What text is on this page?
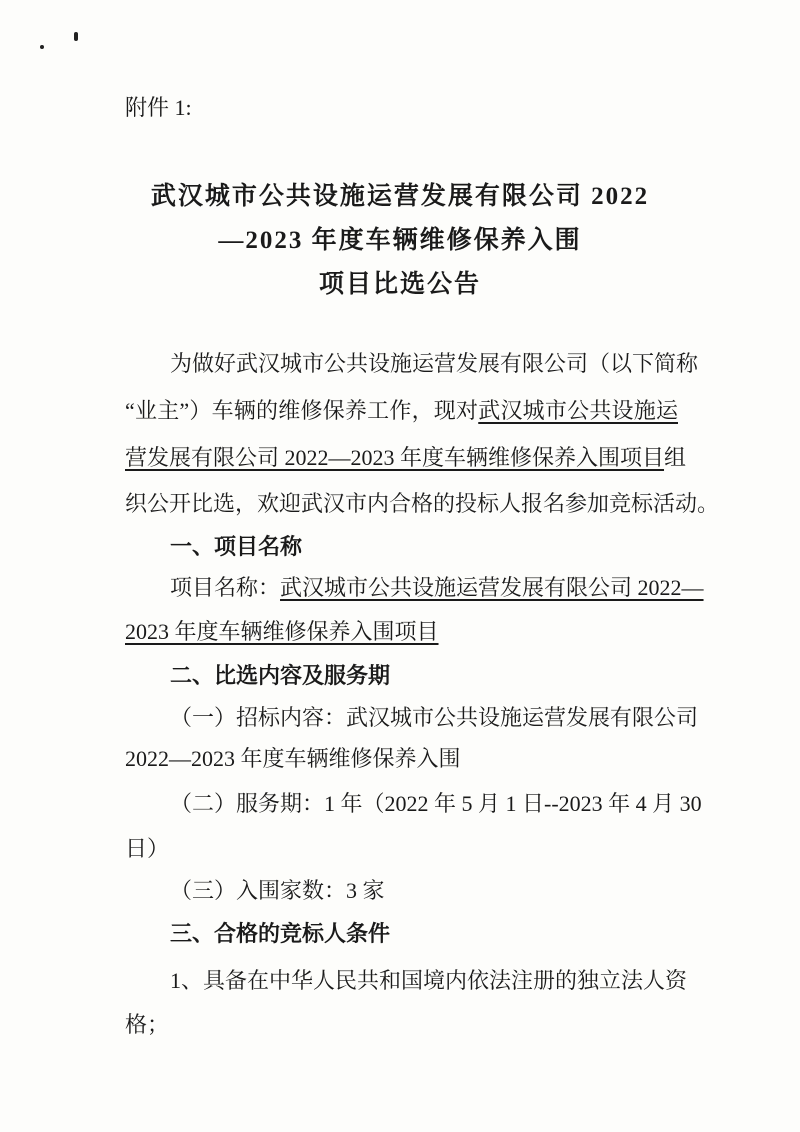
附件 1:
武汉城市公共设施运营发展有限公司 2022
—2023 年度车辆维修保养入围
项目比选公告
为做好武汉城市公共设施运营发展有限公司（以下简称
“业主”）车辆的维修保养工作，现对武汉城市公共设施运
营发展有限公司 2022—2023 年度车辆维修保养入围项目组
织公开比选，欢迎武汉市内合格的投标人报名参加竞标活动。
一、项目名称
项目名称：武汉城市公共设施运营发展有限公司 2022—
2023 年度车辆维修保养入围项目
二、比选内容及服务期
（一）招标内容：武汉城市公共设施运营发展有限公司
2022—2023 年度车辆维修保养入围
（二）服务期：1 年（2022 年 5 月 1 日--2023 年 4 月 30
日）
（三）入围家数：3 家
三、合格的竞标人条件
1、具备在中华人民共和国境内依法注册的独立法人资
格；
